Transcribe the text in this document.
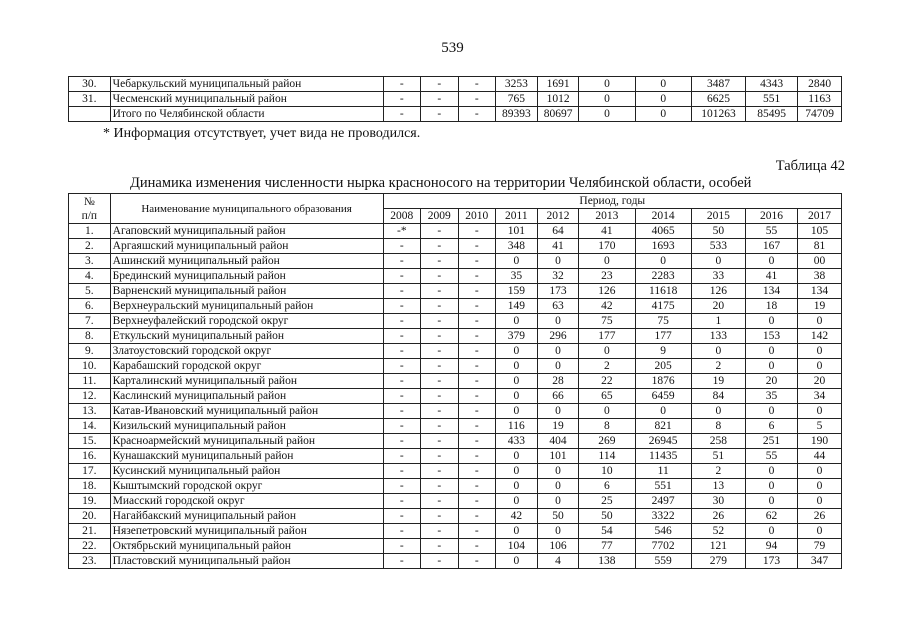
539
30.	Чебаркульский муниципальный район	-	-	-	3253	1691	0	0	3487	4343	2840
31.	Чесменский муниципальный район	-	-	-	765	1012	0	0	6625	551	1163
	Итого по Челябинской области	-	-	-	89393	80697	0	0	101263	85495	74709
* Информация отсутствует, учет вида не проводился.
Таблица 42
Динамика изменения численности нырка красноносого на территории Челябинской области, особей
№
п/п	Наименование муниципального образования	Период, годы									
		2008	2009	2010	2011	2012	2013	2014	2015	2016	2017
1.	Агаповский муниципальный район	-*	-	-	101	64	41	4065	50	55	105
2.	Аргаяшский муниципальный район	-	-	-	348	41	170	1693	533	167	81
3.	Ашинский муниципальный район	-	-	-	0	0	0	0	0	0	00
4.	Брединский муниципальный район	-	-	-	35	32	23	2283	33	41	38
5.	Варненский муниципальный район	-	-	-	159	173	126	11618	126	134	134
6.	Верхнеуральский муниципальный район	-	-	-	149	63	42	4175	20	18	19
7.	Верхнеуфалейский городской округ	-	-	-	0	0	75	75	1	0	0
8.	Еткульский муниципальный район	-	-	-	379	296	177	177	133	153	142
9.	Златоустовский городской округ	-	-	-	0	0	0	9	0	0	0
10.	Карабашский городской округ	-	-	-	0	0	2	205	2	0	0
11.	Карталинский муниципальный район	-	-	-	0	28	22	1876	19	20	20
12.	Каслинский муниципальный район	-	-	-	0	66	65	6459	84	35	34
13.	Катав-Ивановский муниципальный район	-	-	-	0	0	0	0	0	0	0
14.	Кизильский муниципальный район	-	-	-	116	19	8	821	8	6	5
15.	Красноармейский муниципальный район	-	-	-	433	404	269	26945	258	251	190
16.	Кунашакский муниципальный район	-	-	-	0	101	114	11435	51	55	44
17.	Кусинский муниципальный район	-	-	-	0	0	10	11	2	0	0
18.	Кыштымский городской округ	-	-	-	0	0	6	551	13	0	0
19.	Миасский городской округ	-	-	-	0	0	25	2497	30	0	0
20.	Нагайбакский муниципальный район	-	-	-	42	50	50	3322	26	62	26
21.	Нязепетровский муниципальный район	-	-	-	0	0	54	546	52	0	0
22.	Октябрьский муниципальный район	-	-	-	104	106	77	7702	121	94	79
23.	Пластовский муниципальный район	-	-	-	0	4	138	559	279	173	347
